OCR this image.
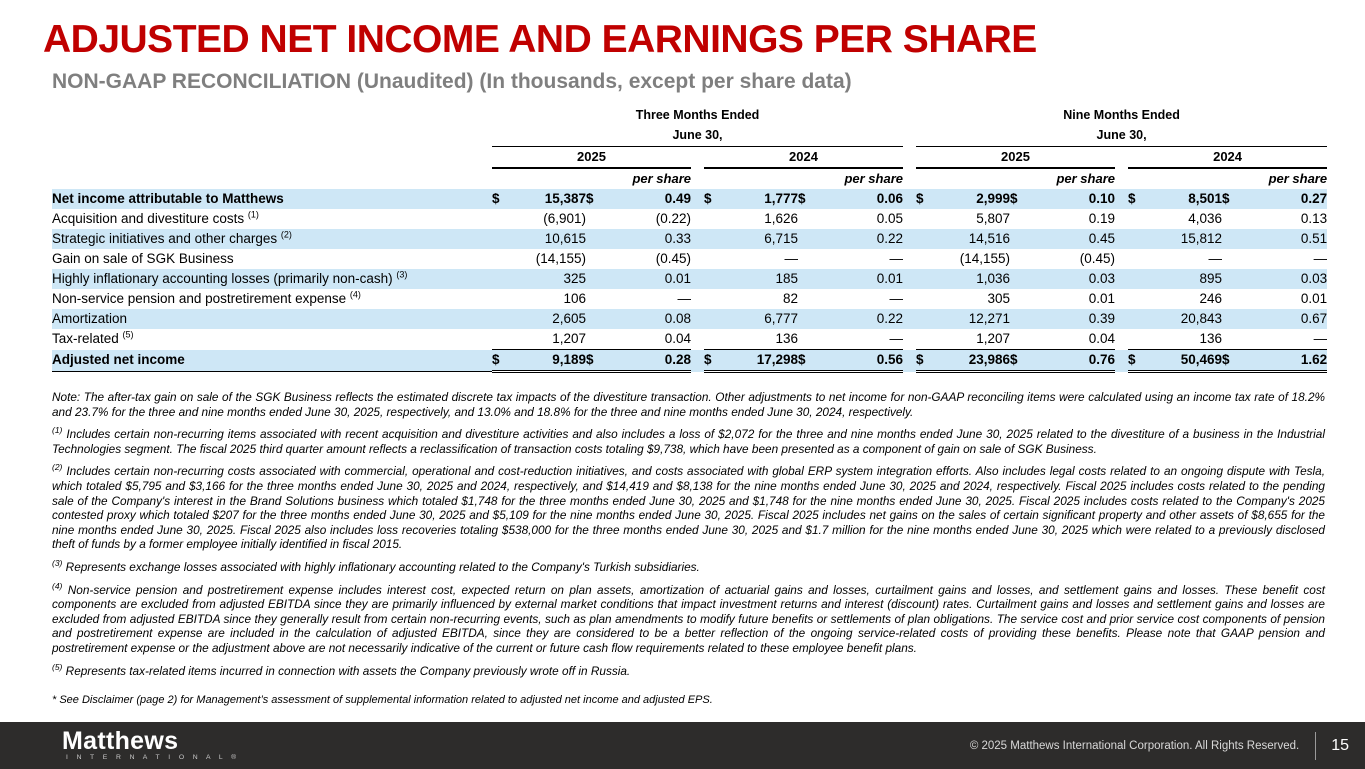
ADJUSTED NET INCOME AND EARNINGS PER SHARE
NON-GAAP RECONCILIATION (Unaudited) (In thousands, except per share data)
	Three Months Ended										Nine Months Ended								
	June 30,										June 30,								
	2025					2024					2025					2024			
	per share					per share					per share					per share			
Net income attributable to Matthews	$	15,387	$	0.49		$	1,777	$	0.06		$	2,999	$	0.10		$	8,501	$	0.27
Acquisition and divestiture costs $^{(1)}$		(6,901)		(0.22)			1,626		0.05			5,807		0.19			4,036		0.13
Strategic initiatives and other charges $^{(2)}$		10,615		0.33			6,715		0.22			14,516		0.45			15,812		0.51
Gain on sale of SGK Business		(14,155)		(0.45)			—		—			(14,155)		(0.45)			—		—
Highly inflationary accounting losses (primarily non-cash) $^{(3)}$		325		0.01			185		0.01			1,036		0.03			895		0.03
Non-service pension and postretirement expense $^{(4)}$		106		—			82		—			305		0.01			246		0.01
Amortization		2,605		0.08			6,777		0.22			12,271		0.39			20,843		0.67
Tax-related $^{(5)}$		1,207		0.04			136		—			1,207		0.04			136		—
Adjusted net income	$	9,189	$	0.28		$	17,298	$	0.56		$	23,986	$	0.76		$	50,469	$	1.62

Note: The after-tax gain on sale of the SGK Business reflects the estimated discrete tax impacts of the divestiture transaction. Other adjustments to net income for non-GAAP reconciling items were calculated using an income tax rate of 18.2% and 23.7% for the three and nine months ended June 30, 2025, respectively, and 13.0% and 18.8% for the three and nine months ended June 30, 2024, respectively.

$^{(1)}$ Includes certain non-recurring items associated with recent acquisition and divestiture activities and also includes a loss of $2,072 for the three and nine months ended June 30, 2025 related to the divestiture of a business in the Industrial Technologies segment. The fiscal 2025 third quarter amount reflects a reclassification of transaction costs totaling $9,738, which have been presented as a component of gain on sale of SGK Business.

$^{(2)}$ Includes certain non-recurring costs associated with commercial, operational and cost-reduction initiatives, and costs associated with global ERP system integration efforts. Also includes legal costs related to an ongoing dispute with Tesla, which totaled $5,795 and $3,166 for the three months ended June 30, 2025 and 2024, respectively, and $14,419 and $8,138 for the nine months ended June 30, 2025 and 2024, respectively. Fiscal 2025 includes costs related to the pending sale of the Company's interest in the Brand Solutions business which totaled $1,748 for the three months ended June 30, 2025 and $1,748 for the nine months ended June 30, 2025. Fiscal 2025 includes costs related to the Company's 2025 contested proxy which totaled $207 for the three months ended June 30, 2025 and $5,109 for the nine months ended June 30, 2025. Fiscal 2025 includes net gains on the sales of certain significant property and other assets of $8,655 for the nine months ended June 30, 2025. Fiscal 2025 also includes loss recoveries totaling $538,000 for the three months ended June 30, 2025 and $1.7 million for the nine months ended June 30, 2025 which were related to a previously disclosed theft of funds by a former employee initially identified in fiscal 2015.

$^{(3)}$ Represents exchange losses associated with highly inflationary accounting related to the Company's Turkish subsidiaries.

$^{(4)}$ Non-service pension and postretirement expense includes interest cost, expected return on plan assets, amortization of actuarial gains and losses, curtailment gains and losses, and settlement gains and losses. These benefit cost components are excluded from adjusted EBITDA since they are primarily influenced by external market conditions that impact investment returns and interest (discount) rates. Curtailment gains and losses and settlement gains and losses are excluded from adjusted EBITDA since they generally result from certain non-recurring events, such as plan amendments to modify future benefits or settlements of plan obligations. The service cost and prior service cost components of pension and postretirement expense are included in the calculation of adjusted EBITDA, since they are considered to be a better reflection of the ongoing service-related costs of providing these benefits. Please note that GAAP pension and postretirement expense or the adjustment above are not necessarily indicative of the current or future cash flow requirements related to these employee benefit plans.

$^{(5)}$ Represents tax-related items incurred in connection with assets the Company previously wrote off in Russia.

* See Disclaimer (page 2) for Management’s assessment of supplemental information related to adjusted net income and adjusted EPS.

Matthews
I N T E R N A T I O N A L ®
© 2025 Matthews International Corporation. All Rights Reserved. 15
